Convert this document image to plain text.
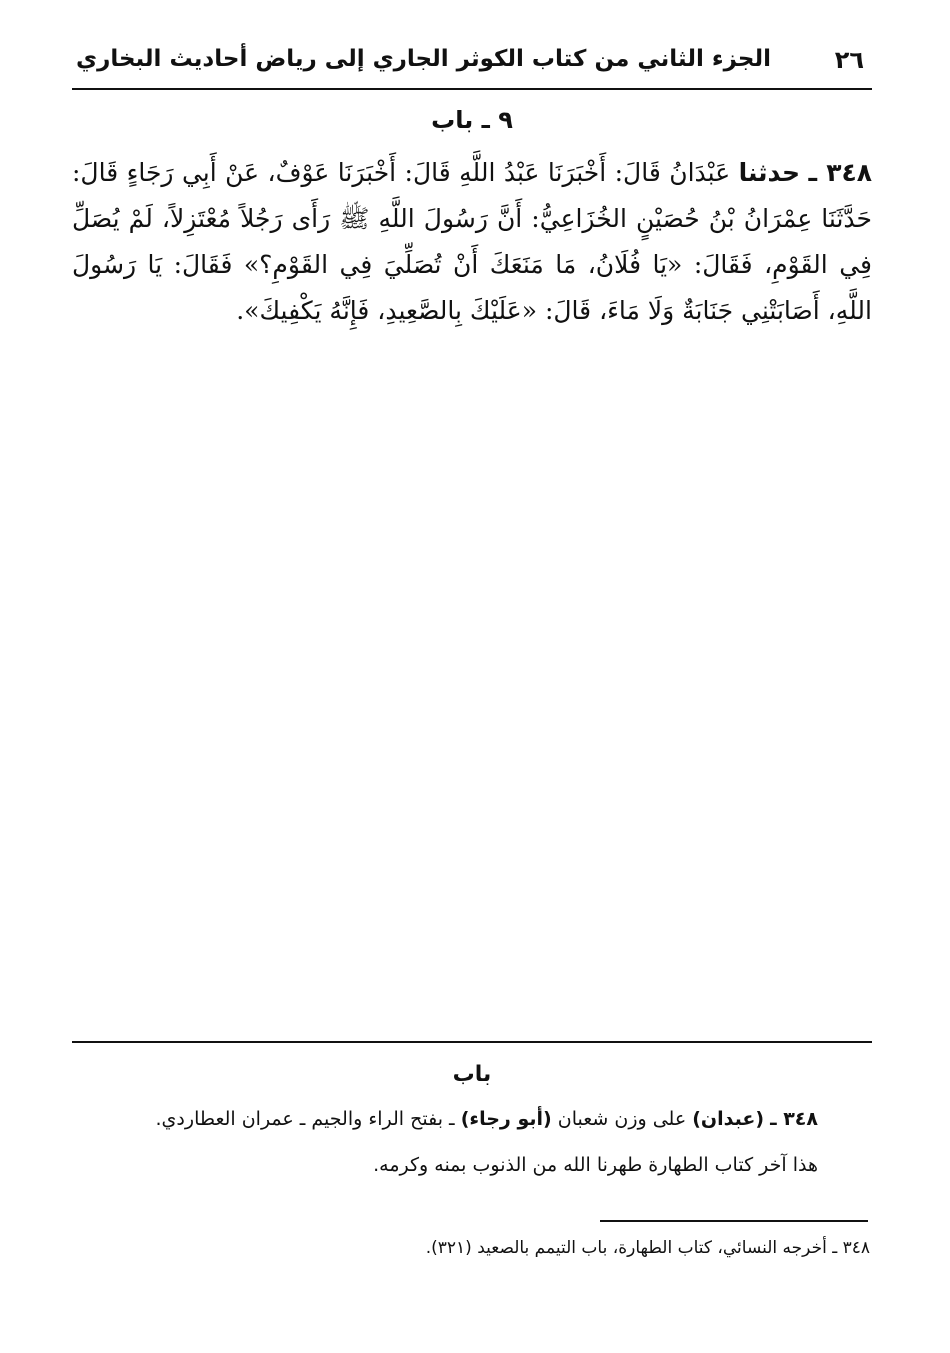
٢٦
الجزء الثاني من كتاب الكوثر الجاري إلى رياض أحاديث البخاري
٩ ـ باب
٣٤٨ ـ حدثنا عَبْدَانُ قَالَ: أَخْبَرَنَا عَبْدُ اللَّهِ قَالَ: أَخْبَرَنَا عَوْفٌ، عَنْ أَبِي رَجَاءٍ قَالَ: حَدَّثَنَا عِمْرَانُ بْنُ حُصَيْنٍ الخُزَاعِيُّ: أَنَّ رَسُولَ اللَّهِ ﷺ رَأَى رَجُلاً مُعْتَزِلاً، لَمْ يُصَلِّ فِي القَوْمِ، فَقَالَ: «يَا فُلَانُ، مَا مَنَعَكَ أَنْ تُصَلِّيَ فِي القَوْمِ؟» فَقَالَ: يَا رَسُولَ اللَّهِ، أَصَابَتْنِي جَنَابَةٌ وَلَا مَاءَ، قَالَ: «عَلَيْكَ بِالصَّعِيدِ، فَإِنَّهُ يَكْفِيكَ».
باب
٣٤٨ ـ (عبدان) على وزن شعبان (أبو رجاء) ـ بفتح الراء والجيم ـ عمران العطاردي.
هذا آخر كتاب الطهارة طهرنا الله من الذنوب بمنه وكرمه.
٣٤٨ ـ أخرجه النسائي، كتاب الطهارة، باب التيمم بالصعيد (٣٢١).
